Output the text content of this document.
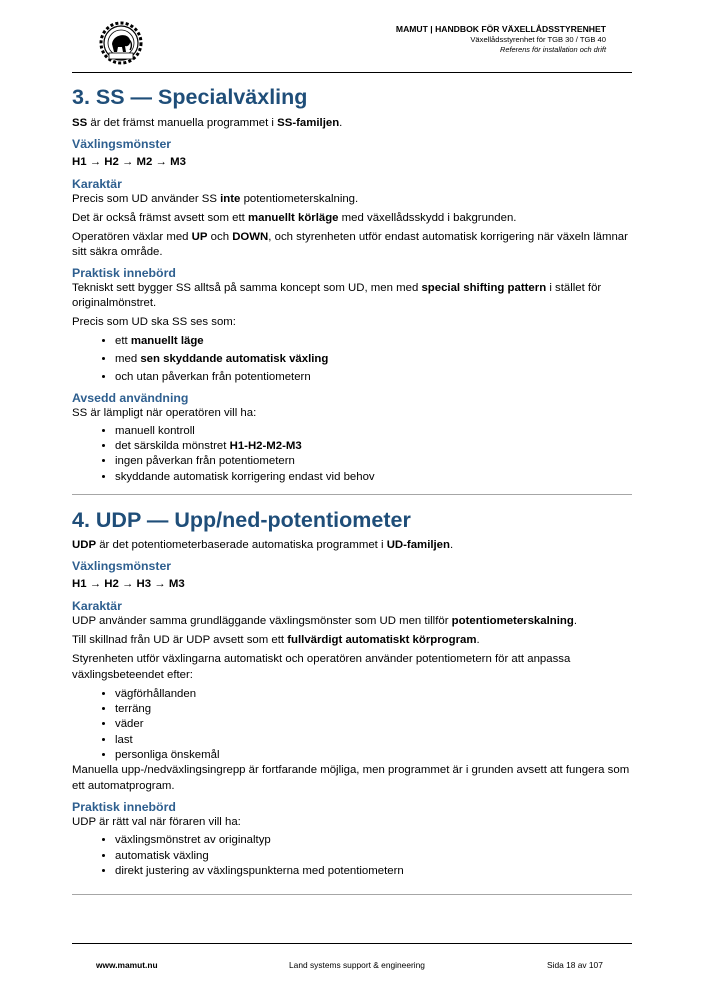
MAMUT | HANDBOK FÖR VÄXELLÅDSSTYRENHET
Växellådsstyrenhet för TGB 30 / TGB 40
Referens för installation och drift
3. SS — Specialväxling

SS är det främst manuella programmet i SS-familjen.

Växlingsmönster

H1 → H2 → M2 → M3

Karaktär

Precis som UD använder SS inte potentiometerskalning.

Det är också främst avsett som ett manuellt körläge med växellådsskydd i bakgrunden.

Operatören växlar med UP och DOWN, och styrenheten utför endast automatisk korrigering när växeln lämnar sitt säkra område.

Praktisk innebörd

Tekniskt sett bygger SS alltså på samma koncept som UD, men med special shifting pattern i stället för originalmönstret.

Precis som UD ska SS ses som:

• ett manuellt läge
• med sen skyddande automatisk växling
• och utan påverkan från potentiometern
Avsedd användning

SS är lämpligt när operatören vill ha:

• manuell kontroll
• det särskilda mönstret H1-H2-M2-M3
• ingen påverkan från potentiometern
• skyddande automatisk korrigering endast vid behov
4. UDP — Upp/ned-potentiometer

UDP är det potentiometerbaserade automatiska programmet i UD-familjen.

Växlingsmönster

H1 → H2 → H3 → M3

Karaktär

UDP använder samma grundläggande växlingsmönster som UD men tillför potentiometerskalning.

Till skillnad från UD är UDP avsett som ett fullvärdigt automatiskt körprogram.

Styrenheten utför växlingarna automatiskt och operatören använder potentiometern för att anpassa växlingsbeteendet efter:

• vägförhållanden
• terräng
• väder
• last
• personliga önskemål

Manuella upp-/nedväxlingsingrepp är fortfarande möjliga, men programmet är i grunden avsett att fungera som ett automatprogram.

Praktisk innebörd

UDP är rätt val när föraren vill ha:

• växlingsmönstret av originaltyp
• automatisk växling
• direkt justering av växlingspunkterna med potentiometern
www.mamut.nu	Land systems support & engineering	Sida 18 av 107
